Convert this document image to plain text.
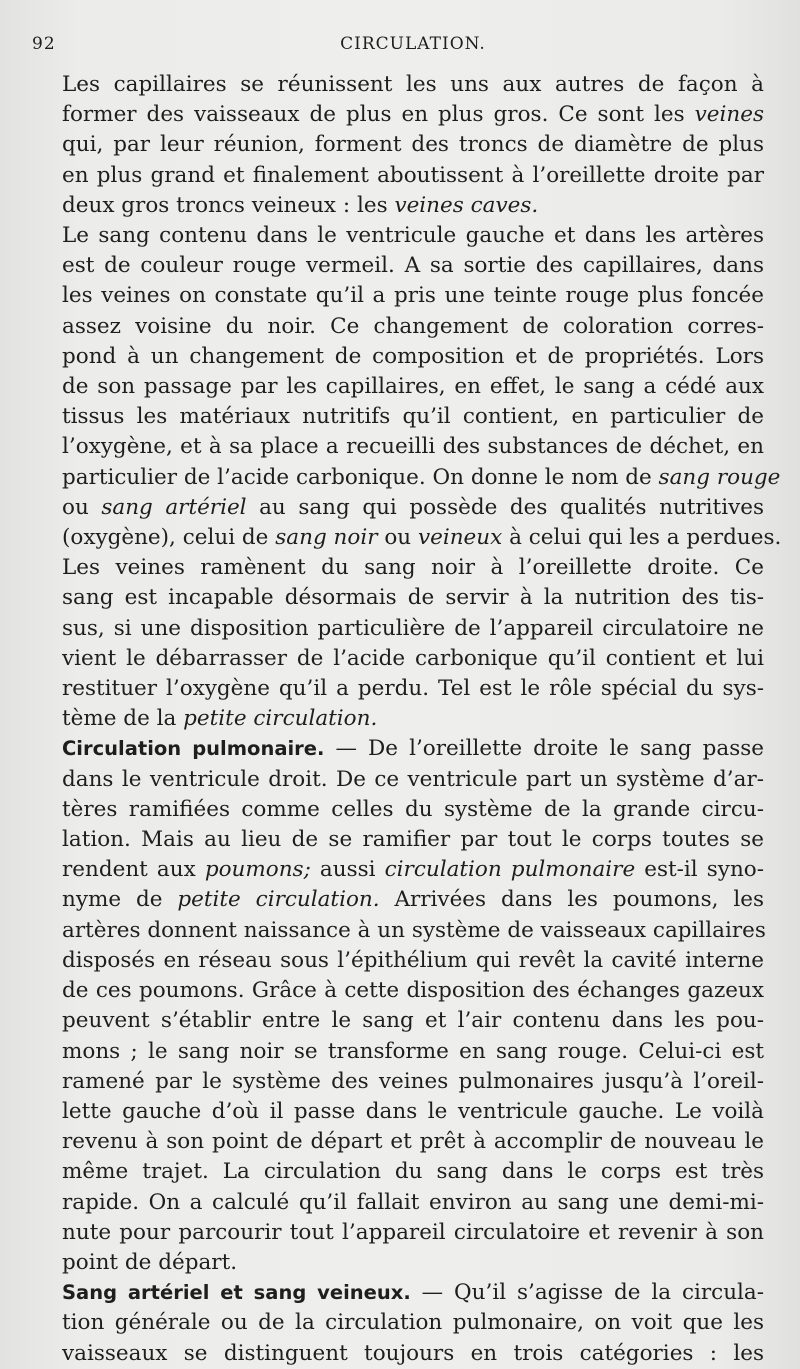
92	CIRCULATION.

Les capillaires se réunissent les uns aux autres de façon à
former des vaisseaux de plus en plus gros. Ce sont les veines
qui, par leur réunion, forment des troncs de diamètre de plus
en plus grand et finalement aboutissent à l’oreillette droite par
deux gros troncs veineux : les veines caves.

Le sang contenu dans le ventricule gauche et dans les artères
est de couleur rouge vermeil. A sa sortie des capillaires, dans
les veines on constate qu’il a pris une teinte rouge plus foncée
assez voisine du noir. Ce changement de coloration corres-
pond à un changement de composition et de propriétés. Lors
de son passage par les capillaires, en effet, le sang a cédé aux
tissus les matériaux nutritifs qu’il contient, en particulier de
l’oxygène, et à sa place a recueilli des substances de déchet, en
particulier de l’acide carbonique. On donne le nom de sang rouge
ou sang artériel au sang qui possède des qualités nutritives
(oxygène), celui de sang noir ou veineux à celui qui les a perdues.

Les veines ramènent du sang noir à l’oreillette droite. Ce
sang est incapable désormais de servir à la nutrition des tis-
sus, si une disposition particulière de l’appareil circulatoire ne
vient le débarrasser de l’acide carbonique qu’il contient et lui
restituer l’oxygène qu’il a perdu. Tel est le rôle spécial du sys-
tème de la petite circulation.

Circulation pulmonaire. — De l’oreillette droite le sang passe
dans le ventricule droit. De ce ventricule part un système d’ar-
tères ramifiées comme celles du système de la grande circu-
lation. Mais au lieu de se ramifier par tout le corps toutes se
rendent aux poumons; aussi circulation pulmonaire est-il syno-
nyme de petite circulation. Arrivées dans les poumons, les
artères donnent naissance à un système de vaisseaux capillaires
disposés en réseau sous l’épithélium qui revêt la cavité interne
de ces poumons. Grâce à cette disposition des échanges gazeux
peuvent s’établir entre le sang et l’air contenu dans les pou-
mons ; le sang noir se transforme en sang rouge. Celui-ci est
ramené par le système des veines pulmonaires jusqu’à l’oreil-
lette gauche d’où il passe dans le ventricule gauche. Le voilà
revenu à son point de départ et prêt à accomplir de nouveau le
même trajet. La circulation du sang dans le corps est très
rapide. On a calculé qu’il fallait environ au sang une demi-mi-
nute pour parcourir tout l’appareil circulatoire et revenir à son
point de départ.

Sang artériel et sang veineux. — Qu’il s’agisse de la circula-
tion générale ou de la circulation pulmonaire, on voit que les
vaisseaux se distinguent toujours en trois catégories : les
